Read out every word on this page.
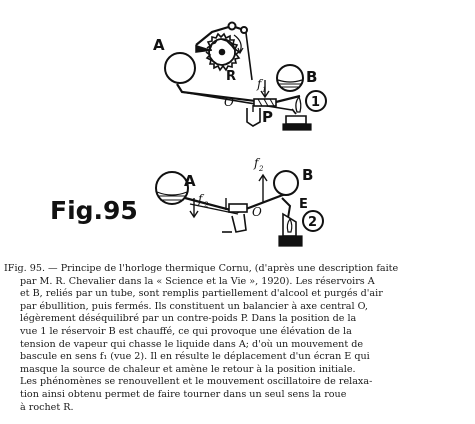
A
R	B
O
P
f 1
1
A	B
O	E
f 2
f 2
2
Fig.95
IFig. 95. — Principe de l'horloge thermique Cornu, (d'après une description faite
par M. R. Chevalier dans la « Science et la Vie », 1920). Les réservoirs A
et B, reliés par un tube, sont remplis partiellement d'alcool et purgés d'air
par ébullition, puis fermés. Ils constituent un balancier à axe central O,
légèrement déséquilibré par un contre-poids P. Dans la position de la
vue 1 le réservoir B est chauffé, ce qui provoque une élévation de la
tension de vapeur qui chasse le liquide dans A; d'où un mouvement de
bascule en sens f₁ (vue 2). Il en résulte le déplacement d'un écran E qui
masque la source de chaleur et amène le retour à la position initiale.
Les phénomènes se renouvellent et le mouvement oscillatoire de relaxa-
tion ainsi obtenu permet de faire tourner dans un seul sens la roue
à rochet R.
